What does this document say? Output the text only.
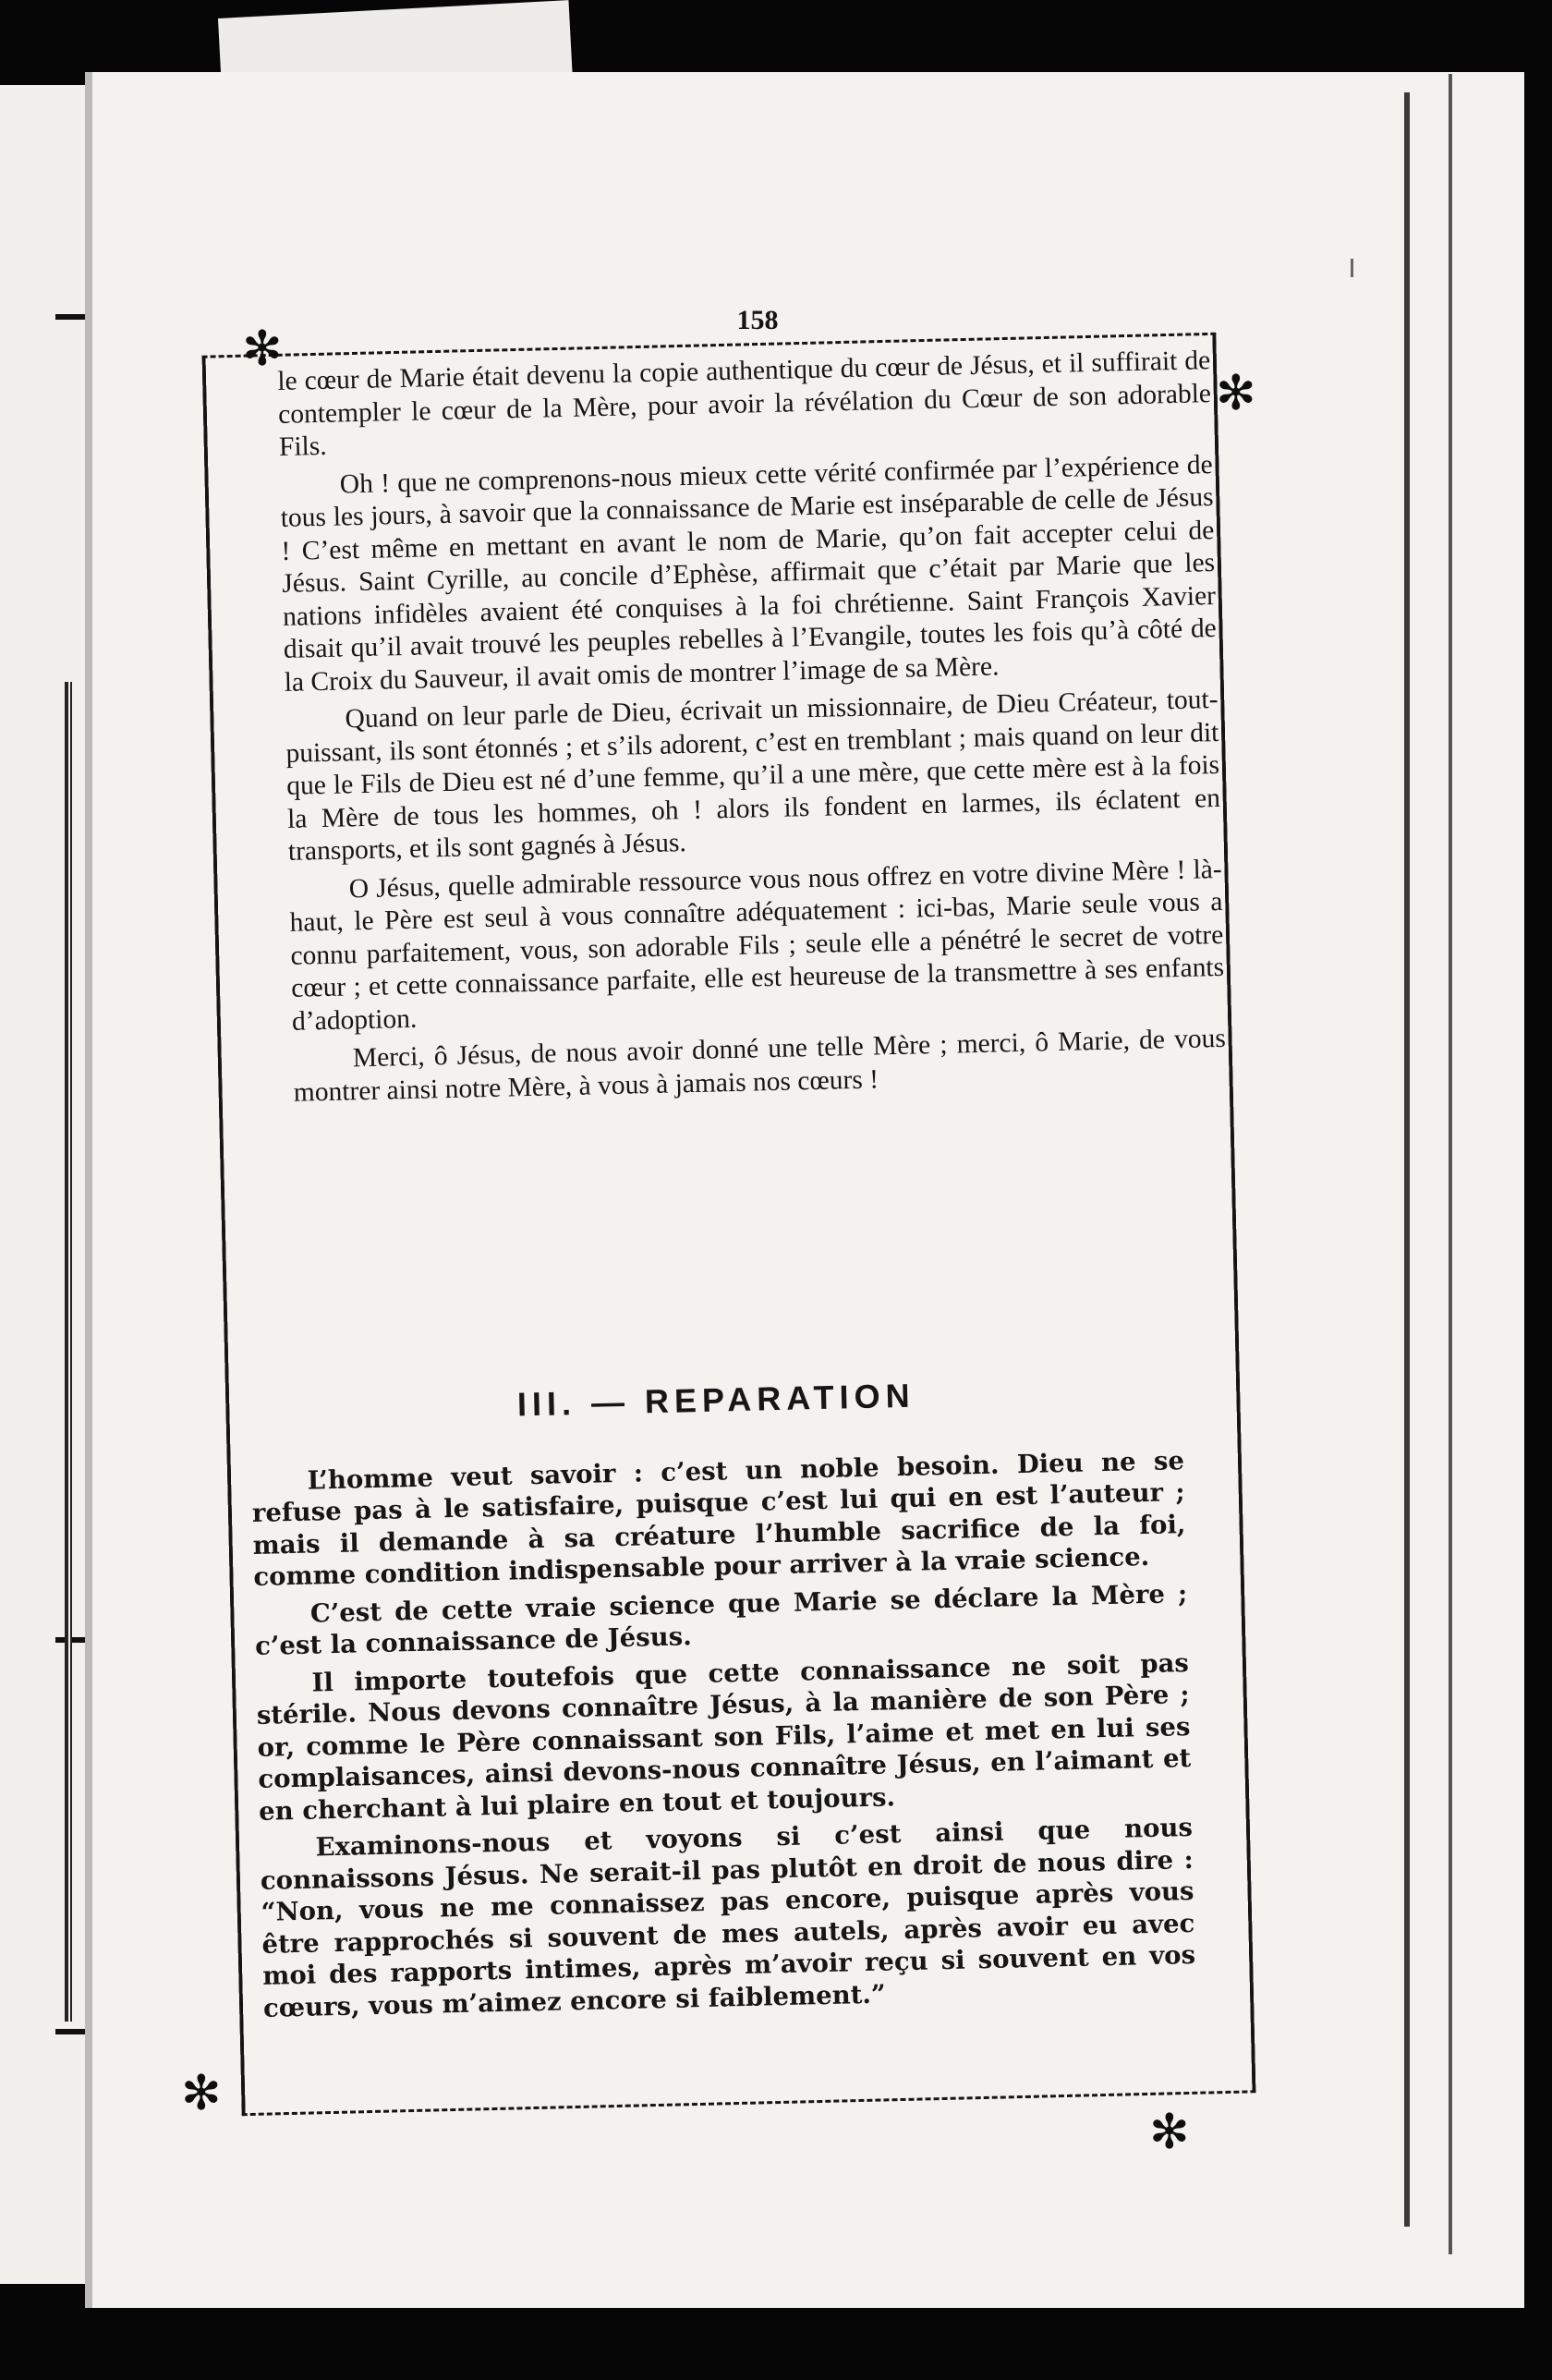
158
✻
✻
✻
✻

le cœur de Marie était devenu la copie authentique du cœur de Jésus, et il suffirait de contempler le cœur de la Mère, pour avoir la révélation du Cœur de son adorable Fils.

Oh ! que ne comprenons-nous mieux cette vérité confirmée par l’expérience de tous les jours, à savoir que la connaissance de Marie est inséparable de celle de Jésus ! C’est même en mettant en avant le nom de Marie, qu’on fait accepter celui de Jésus. Saint Cyrille, au concile d’Ephèse, affirmait que c’était par Marie que les nations infidèles avaient été conquises à la foi chrétienne. Saint François Xavier disait qu’il avait trouvé les peuples rebelles à l’Evangile, toutes les fois qu’à côté de la Croix du Sauveur, il avait omis de montrer l’image de sa Mère.

Quand on leur parle de Dieu, écrivait un missionnaire, de Dieu Créateur, tout-puissant, ils sont étonnés ; et s’ils adorent, c’est en tremblant ; mais quand on leur dit que le Fils de Dieu est né d’une femme, qu’il a une mère, que cette mère est à la fois la Mère de tous les hommes, oh ! alors ils fondent en larmes, ils éclatent en transports, et ils sont gagnés à Jésus.

O Jésus, quelle admirable ressource vous nous offrez en votre divine Mère ! là-haut, le Père est seul à vous connaître adéquatement : ici-bas, Marie seule vous a connu parfaitement, vous, son adorable Fils ; seule elle a pénétré le secret de votre cœur ; et cette connaissance parfaite, elle est heureuse de la transmettre à ses enfants d’adoption.

Merci, ô Jésus, de nous avoir donné une telle Mère ; merci, ô Marie, de vous montrer ainsi notre Mère, à vous à jamais nos cœurs !

III. — REPARATION

L’homme veut savoir : c’est un noble besoin. Dieu ne se refuse pas à le satisfaire, puisque c’est lui qui en est l’auteur ; mais il demande à sa créature l’humble sacrifice de la foi, comme condition indispensable pour arriver à la vraie science.

C’est de cette vraie science que Marie se déclare la Mère ; c’est la connaissance de Jésus.

Il importe toutefois que cette connaissance ne soit pas stérile. Nous devons connaître Jésus, à la manière de son Père ; or, comme le Père connaissant son Fils, l’aime et met en lui ses complaisances, ainsi devons-nous connaître Jésus, en l’aimant et en cherchant à lui plaire en tout et toujours.

Examinons-nous et voyons si c’est ainsi que nous connaissons Jésus. Ne serait-il pas plutôt en droit de nous dire : “Non, vous ne me connaissez pas encore, puisque après vous être rapprochés si souvent de mes autels, après avoir eu avec moi des rapports intimes, après m’avoir reçu si souvent en vos cœurs, vous m’aimez encore si faiblement.”
